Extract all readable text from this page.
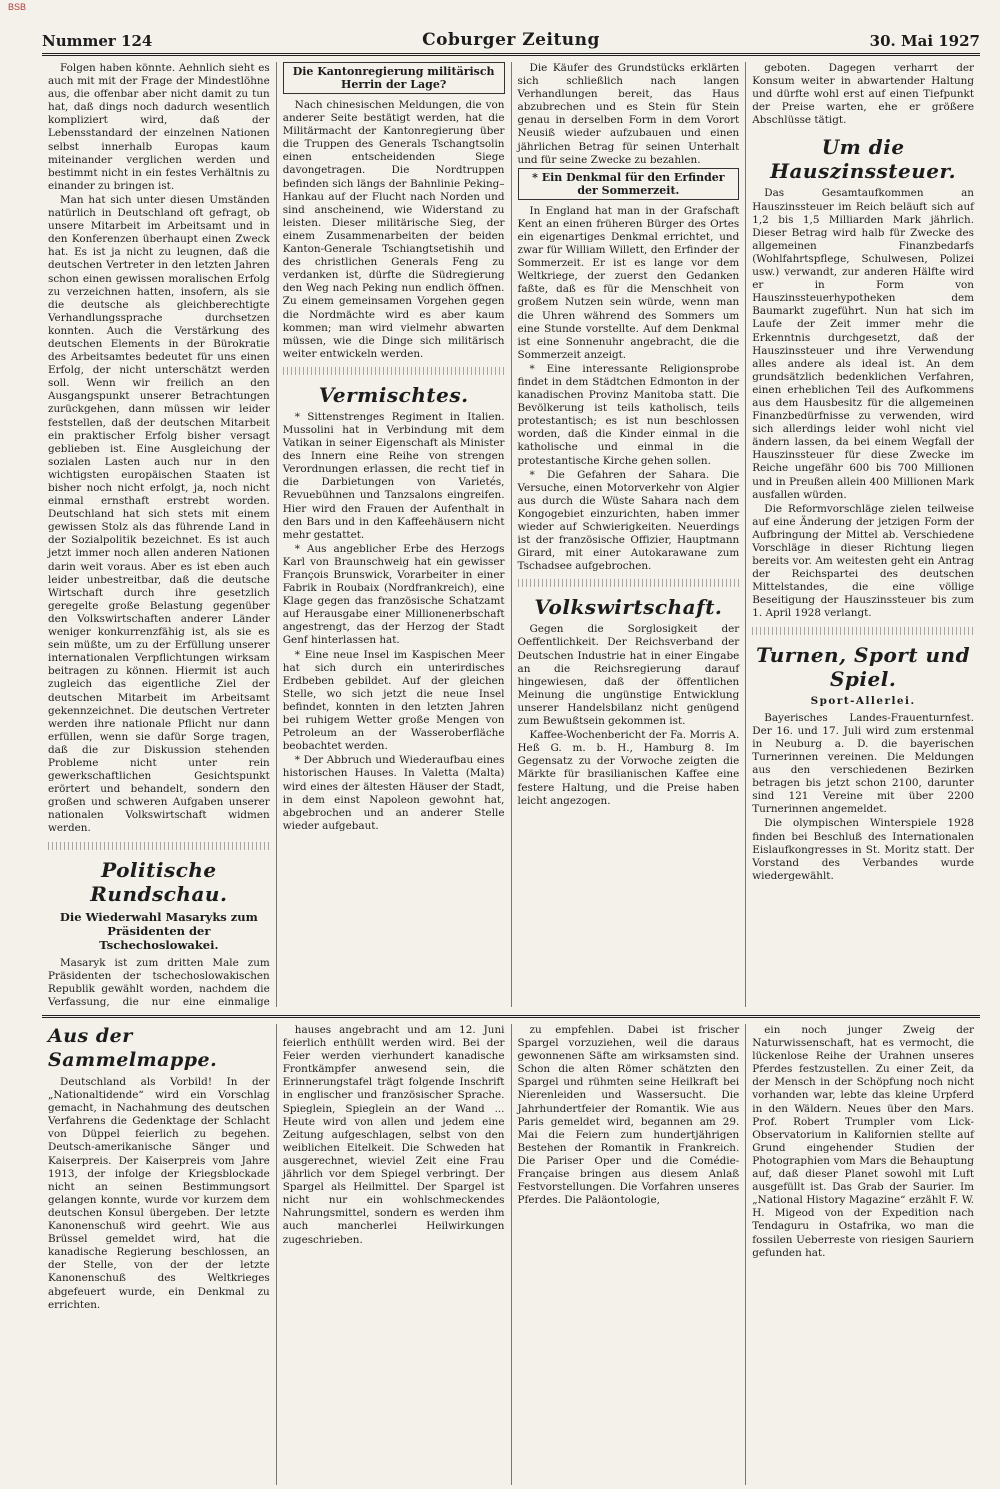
BSB
Nummer 124	Coburger Zeitung	30. Mai 1927

Folgen haben könnte. Aehnlich sieht es auch mit mit der Frage der Mindestlöhne aus, die offenbar aber nicht damit zu tun hat, daß dings noch dadurch wesentlich kompliziert wird, daß der Lebensstandard der einzelnen Nationen selbst innerhalb Europas kaum miteinander verglichen werden und bestimmt nicht in ein festes Verhältnis zu einander zu bringen ist.

Man hat sich unter diesen Umständen natürlich in Deutschland oft gefragt, ob unsere Mitarbeit im Arbeitsamt und in den Konferenzen überhaupt einen Zweck hat. Es ist ja nicht zu leugnen, daß die deutschen Vertreter in den letzten Jahren schon einen gewissen moralischen Erfolg zu verzeichnen hatten, insofern, als sie die deutsche als gleichberechtigte Verhandlungssprache durchsetzen konnten. Auch die Verstärkung des deutschen Elements in der Bürokratie des Arbeitsamtes bedeutet für uns einen Erfolg, der nicht unterschätzt werden soll. Wenn wir freilich an den Ausgangspunkt unserer Betrachtungen zurückgehen, dann müssen wir leider feststellen, daß der deutschen Mitarbeit ein praktischer Erfolg bisher versagt geblieben ist. Eine Ausgleichung der sozialen Lasten auch nur in den wichtigsten europäischen Staaten ist bisher noch nicht erfolgt, ja, noch nicht einmal ernsthaft erstrebt worden. Deutschland hat sich stets mit einem gewissen Stolz als das führende Land in der Sozialpolitik bezeichnet. Es ist auch jetzt immer noch allen anderen Nationen darin weit voraus. Aber es ist eben auch leider unbestreitbar, daß die deutsche Wirtschaft durch ihre gesetzlich geregelte große Belastung gegenüber den Volkswirtschaften anderer Länder weniger konkurrenzfähig ist, als sie es sein müßte, um zu der Erfüllung unserer internationalen Verpflichtungen wirksam beitragen zu können. Hiermit ist auch zugleich das eigentliche Ziel der deutschen Mitarbeit im Arbeitsamt gekennzeichnet. Die deutschen Vertreter werden ihre nationale Pflicht nur dann erfüllen, wenn sie dafür Sorge tragen, daß die zur Diskussion stehenden Probleme nicht unter rein gewerkschaftlichen Gesichtspunkt erörtert und behandelt, sondern den großen und schweren Aufgaben unserer nationalen Volkswirtschaft widmen werden.

Politische Rundschau.
Die Wiederwahl Masaryks zum Präsidenten der Tschechoslowakei.

Masaryk ist zum dritten Male zum Präsidenten der tschechoslowakischen Republik gewählt worden, nachdem die Verfassung, die nur eine einmalige

Die Kantonregierung militärisch Herrin der Lage?

Nach chinesischen Meldungen, die von anderer Seite bestätigt werden, hat die Militärmacht der Kantonregierung über die Truppen des Generals Tschangtsolin einen entscheidenden Siege davongetragen. Die Nordtruppen befinden sich längs der Bahnlinie Peking–Hankau auf der Flucht nach Norden und sind anscheinend, wie Widerstand zu leisten. Dieser militärische Sieg, der einem Zusammenarbeiten der beiden Kanton-Generale Tschiangtsetishih und des christlichen Generals Feng zu verdanken ist, dürfte die Südregierung den Weg nach Peking nun endlich öffnen. Zu einem gemeinsamen Vorgehen gegen die Nordmächte wird es aber kaum kommen; man wird vielmehr abwarten müssen, wie die Dinge sich militärisch weiter entwickeln werden.

Vermischtes.

* Sittenstrenges Regiment in Italien. Mussolini hat in Verbindung mit dem Vatikan in seiner Eigenschaft als Minister des Innern eine Reihe von strengen Verordnungen erlassen, die recht tief in die Darbietungen von Varietés, Revuebühnen und Tanzsalons eingreifen. Hier wird den Frauen der Aufenthalt in den Bars und in den Kaffeehäusern nicht mehr gestattet.

* Aus angeblicher Erbe des Herzogs Karl von Braunschweig hat ein gewisser François Brunswick, Vorarbeiter in einer Fabrik in Roubaix (Nordfrankreich), eine Klage gegen das französische Schatzamt auf Herausgabe einer Millionenerbschaft angestrengt, das der Herzog der Stadt Genf hinterlassen hat.

* Eine neue Insel im Kaspischen Meer hat sich durch ein unterirdisches Erdbeben gebildet. Auf der gleichen Stelle, wo sich jetzt die neue Insel befindet, konnten in den letzten Jahren bei ruhigem Wetter große Mengen von Petroleum an der Wasseroberfläche beobachtet werden.

* Der Abbruch und Wiederaufbau eines historischen Hauses. In Valetta (Malta) wird eines der ältesten Häuser der Stadt, in dem einst Napoleon gewohnt hat, abgebrochen und an anderer Stelle wieder aufgebaut.

Die Käufer des Grundstücks erklärten sich schließlich nach langen Verhandlungen bereit, das Haus abzubrechen und es Stein für Stein genau in derselben Form in dem Vorort Neusiß wieder aufzubauen und einen jährlichen Betrag für seinen Unterhalt und für seine Zwecke zu bezahlen.

* Ein Denkmal für den Erfinder der Sommerzeit.

In England hat man in der Grafschaft Kent an einen früheren Bürger des Ortes ein eigenartiges Denkmal errichtet, und zwar für William Willett, den Erfinder der Sommerzeit. Er ist es lange vor dem Weltkriege, der zuerst den Gedanken faßte, daß es für die Menschheit von großem Nutzen sein würde, wenn man die Uhren während des Sommers um eine Stunde vorstellte. Auf dem Denkmal ist eine Sonnenuhr angebracht, die die Sommerzeit anzeigt.

* Eine interessante Religionsprobe findet in dem Städtchen Edmonton in der kanadischen Provinz Manitoba statt. Die Bevölkerung ist teils katholisch, teils protestantisch; es ist nun beschlossen worden, daß die Kinder einmal in die katholische und einmal in die protestantische Kirche gehen sollen.

* Die Gefahren der Sahara. Die Versuche, einen Motorverkehr von Algier aus durch die Wüste Sahara nach dem Kongogebiet einzurichten, haben immer wieder auf Schwierigkeiten. Neuerdings ist der französische Offizier, Hauptmann Girard, mit einer Autokarawane zum Tschadsee aufgebrochen.

Volkswirtschaft.

Gegen die Sorglosigkeit der Oeffentlichkeit. Der Reichsverband der Deutschen Industrie hat in einer Eingabe an die Reichsregierung darauf hingewiesen, daß der öffentlichen Meinung die ungünstige Entwicklung unserer Handelsbilanz nicht genügend zum Bewußtsein gekommen ist.

Kaffee-Wochenbericht der Fa. Morris A. Heß G. m. b. H., Hamburg 8. Im Gegensatz zu der Vorwoche zeigten die Märkte für brasilianischen Kaffee eine festere Haltung, und die Preise haben leicht angezogen.

geboten. Dagegen verharrt der Konsum weiter in abwartender Haltung und dürfte wohl erst auf einen Tiefpunkt der Preise warten, ehe er größere Abschlüsse tätigt.

Um die Hauszinssteuer.

Das Gesamtaufkommen an Hauszinssteuer im Reich beläuft sich auf 1,2 bis 1,5 Milliarden Mark jährlich. Dieser Betrag wird halb für Zwecke des allgemeinen Finanzbedarfs (Wohlfahrtspflege, Schulwesen, Polizei usw.) verwandt, zur anderen Hälfte wird er in Form von Hauszinssteuerhypotheken dem Baumarkt zugeführt. Nun hat sich im Laufe der Zeit immer mehr die Erkenntnis durchgesetzt, daß der Hauszinssteuer und ihre Verwendung alles andere als ideal ist. An dem grundsätzlich bedenklichen Verfahren, einen erheblichen Teil des Aufkommens aus dem Hausbesitz für die allgemeinen Finanzbedürfnisse zu verwenden, wird sich allerdings leider wohl nicht viel ändern lassen, da bei einem Wegfall der Hauszinssteuer für diese Zwecke im Reiche ungefähr 600 bis 700 Millionen und in Preußen allein 400 Millionen Mark ausfallen würden.

Die Reformvorschläge zielen teilweise auf eine Änderung der jetzigen Form der Aufbringung der Mittel ab. Verschiedene Vorschläge in dieser Richtung liegen bereits vor. Am weitesten geht ein Antrag der Reichspartei des deutschen Mittelstandes, die eine völlige Beseitigung der Hauszinssteuer bis zum 1. April 1928 verlangt.

Turnen, Sport und Spiel.
Sport-Allerlei.

Bayerisches Landes-Frauenturnfest. Der 16. und 17. Juli wird zum erstenmal in Neuburg a. D. die bayerischen Turnerinnen vereinen. Die Meldungen aus den verschiedenen Bezirken betragen bis jetzt schon 2100, darunter sind 121 Vereine mit über 2200 Turnerinnen angemeldet.

Die olympischen Winterspiele 1928 finden bei Beschluß des Internationalen Eislaufkongresses in St. Moritz statt. Der Vorstand des Verbandes wurde wiedergewählt.

Aus der Sammelmappe.

Deutschland als Vorbild! In der „Nationaltidende“ wird ein Vorschlag gemacht, in Nachahmung des deutschen Verfahrens die Gedenktage der Schlacht von Düppel feierlich zu begehen. Deutsch-amerikanische Sänger und Kaiserpreis. Der Kaiserpreis vom Jahre 1913, der infolge der Kriegsblockade nicht an seinen Bestimmungsort gelangen konnte, wurde vor kurzem dem deutschen Konsul übergeben. Der letzte Kanonenschuß wird geehrt. Wie aus Brüssel gemeldet wird, hat die kanadische Regierung beschlossen, an der Stelle, von der der letzte Kanonenschuß des Weltkrieges abgefeuert wurde, ein Denkmal zu errichten.

hauses angebracht und am 12. Juni feierlich enthüllt werden wird. Bei der Feier werden vierhundert kanadische Frontkämpfer anwesend sein, die Erinnerungstafel trägt folgende Inschrift in englischer und französischer Sprache. Spieglein, Spieglein an der Wand ... Heute wird von allen und jedem eine Zeitung aufgeschlagen, selbst von den weiblichen Eitelkeit. Die Schweden hat ausgerechnet, wieviel Zeit eine Frau jährlich vor dem Spiegel verbringt. Der Spargel als Heilmittel. Der Spargel ist nicht nur ein wohlschmeckendes Nahrungsmittel, sondern es werden ihm auch mancherlei Heilwirkungen zugeschrieben.

zu empfehlen. Dabei ist frischer Spargel vorzuziehen, weil die daraus gewonnenen Säfte am wirksamsten sind. Schon die alten Römer schätzten den Spargel und rühmten seine Heilkraft bei Nierenleiden und Wassersucht. Die Jahrhundertfeier der Romantik. Wie aus Paris gemeldet wird, begannen am 29. Mai die Feiern zum hundertjährigen Bestehen der Romantik in Frankreich. Die Pariser Oper und die Comédie-Française bringen aus diesem Anlaß Festvorstellungen. Die Vorfahren unseres Pferdes. Die Paläontologie,

ein noch junger Zweig der Naturwissenschaft, hat es vermocht, die lückenlose Reihe der Urahnen unseres Pferdes festzustellen. Zu einer Zeit, da der Mensch in der Schöpfung noch nicht vorhanden war, lebte das kleine Urpferd in den Wäldern. Neues über den Mars. Prof. Robert Trumpler vom Lick-Observatorium in Kalifornien stellte auf Grund eingehender Studien der Photographien vom Mars die Behauptung auf, daß dieser Planet sowohl mit Luft ausgefüllt ist. Das Grab der Saurier. Im „National History Magazine“ erzählt F. W. H. Migeod von der Expedition nach Tendaguru in Ostafrika, wo man die fossilen Ueberreste von riesigen Sauriern gefunden hat.
